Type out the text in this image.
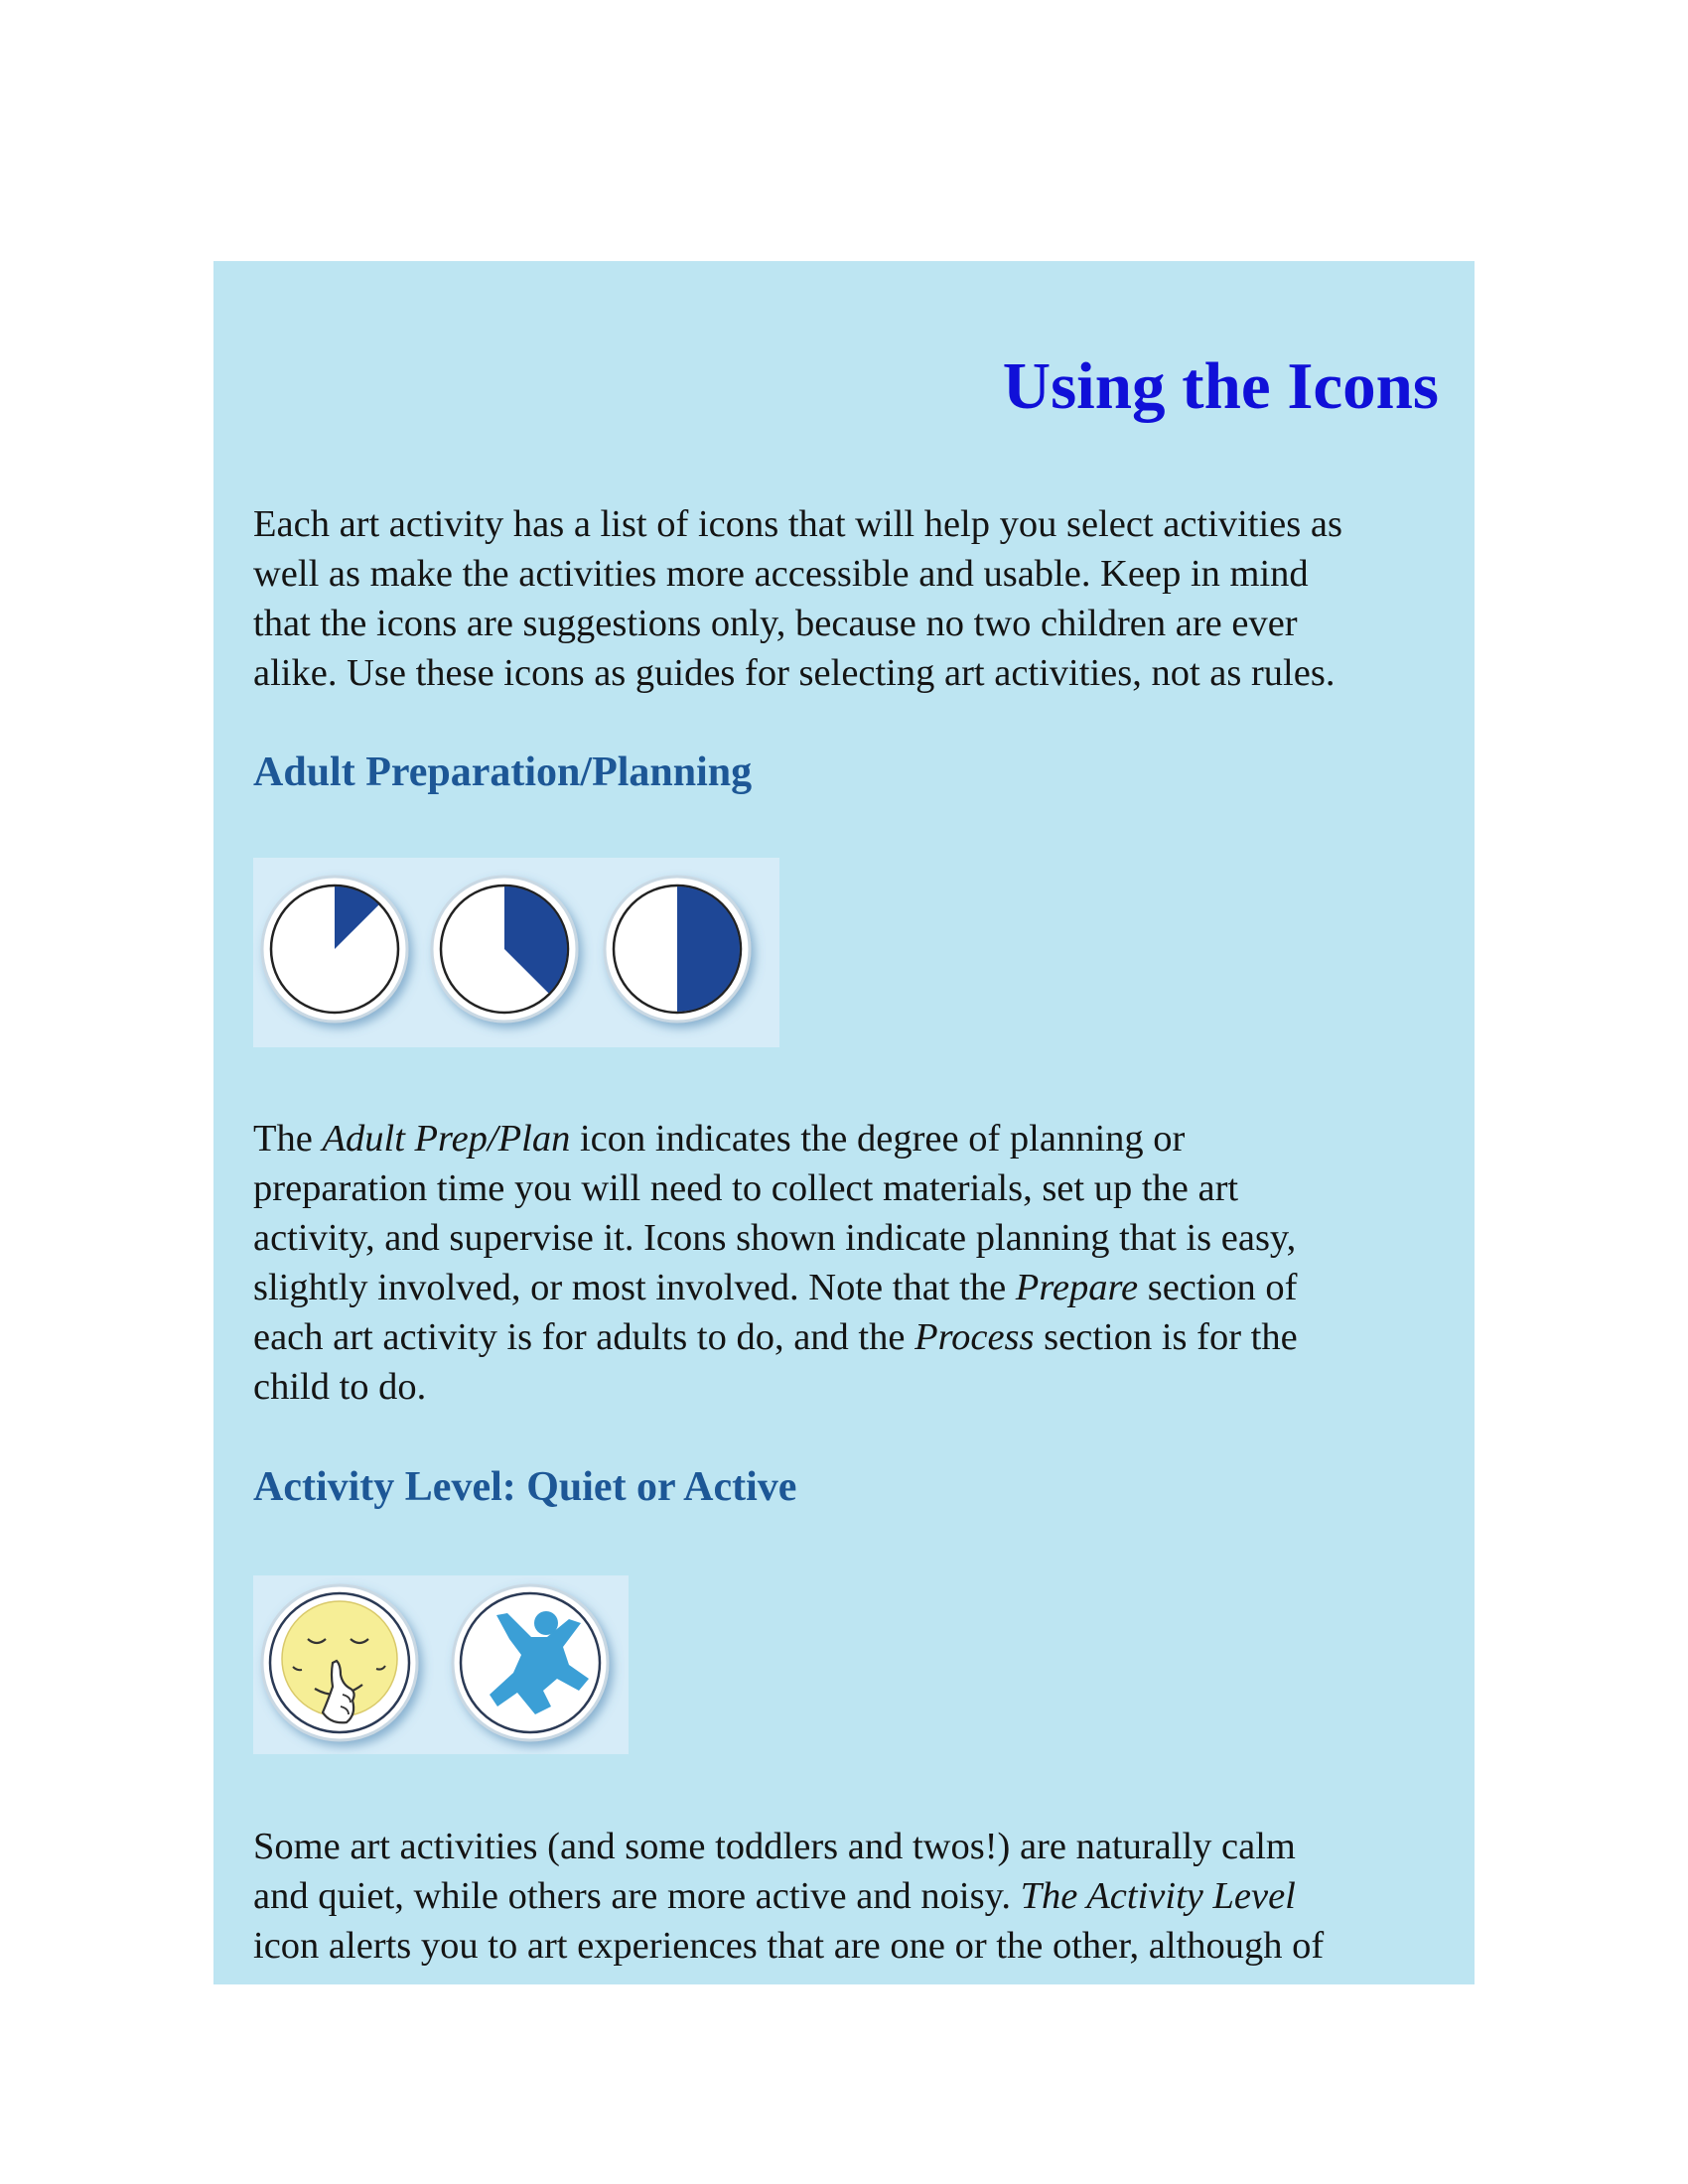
Using the Icons
Each art activity has a list of icons that will help you select activities as
well as make the activities more accessible and usable. Keep in mind
that the icons are suggestions only, because no two children are ever
alike. Use these icons as guides for selecting art activities, not as rules.
Adult Preparation/Planning
The Adult Prep/Plan icon indicates the degree of planning or
preparation time you will need to collect materials, set up the art
activity, and supervise it. Icons shown indicate planning that is easy,
slightly involved, or most involved. Note that the Prepare section of
each art activity is for adults to do, and the Process section is for the
child to do.
Activity Level: Quiet or Active
Some art activities (and some toddlers and twos!) are naturally calm
and quiet, while others are more active and noisy. The Activity Level
icon alerts you to art experiences that are one or the other, although of
